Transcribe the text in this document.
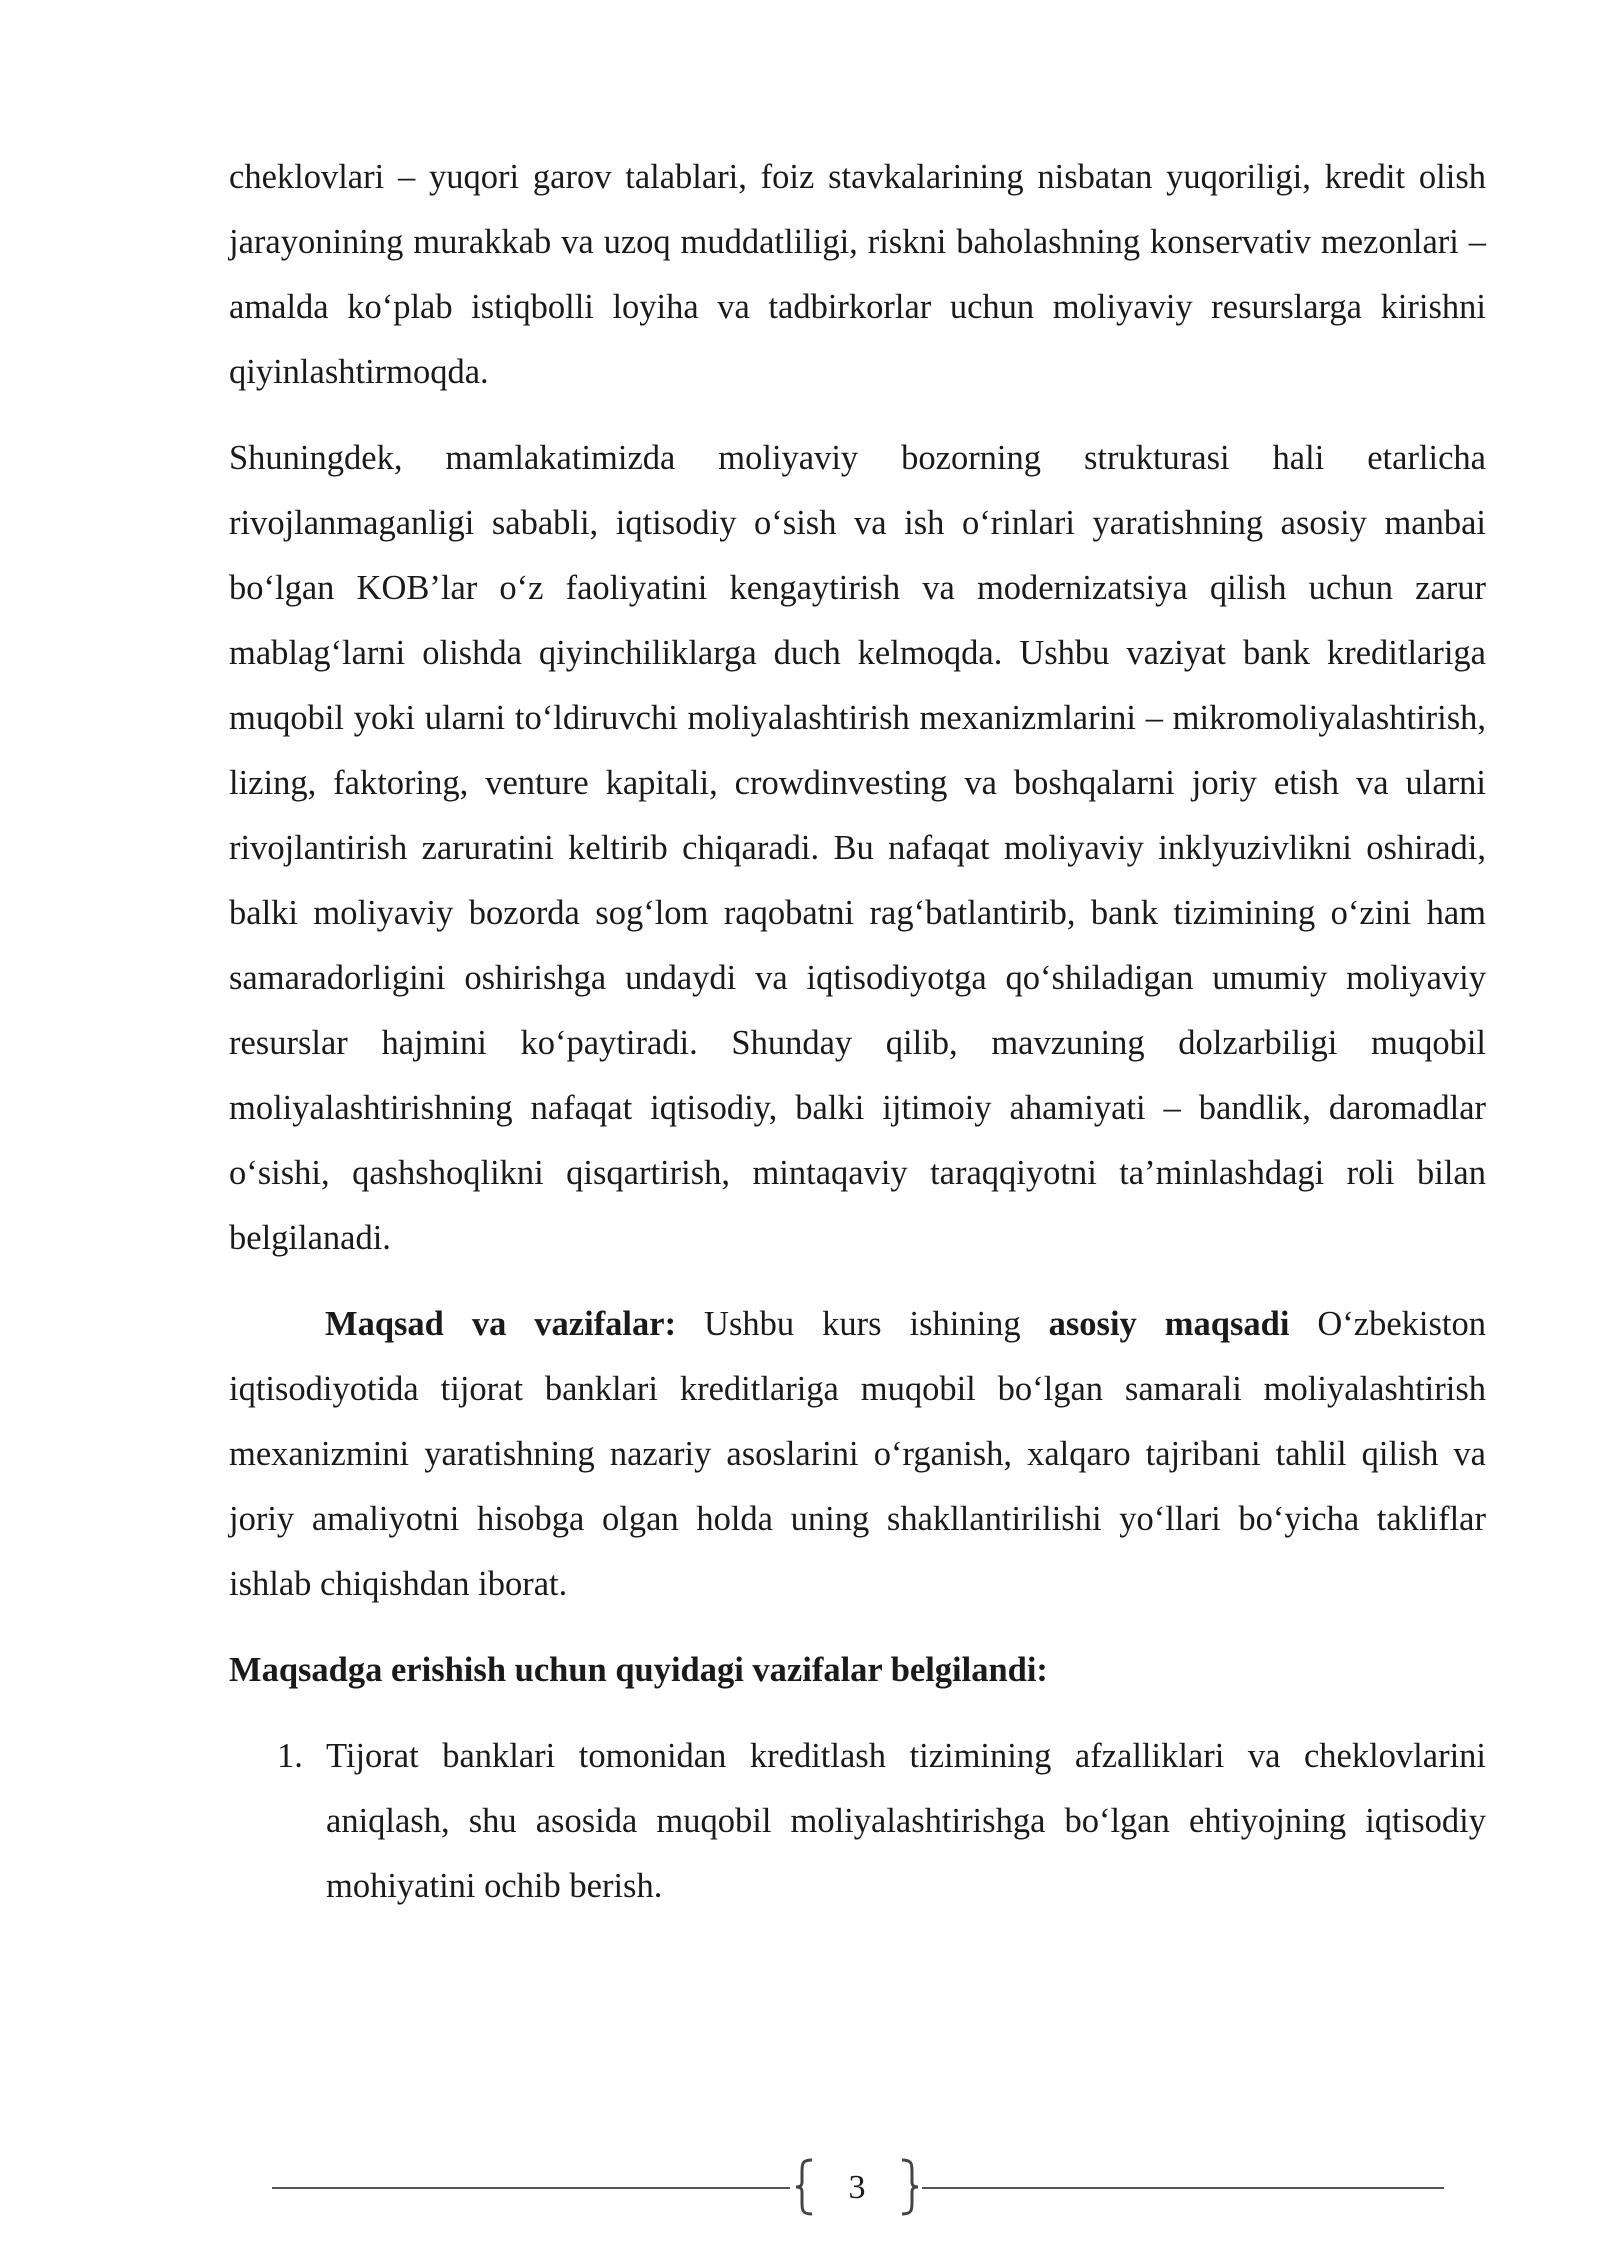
cheklovlari – yuqori garov talablari, foiz stavkalarining nisbatan yuqoriligi, kredit olish jarayonining murakkab va uzoq muddatliligi, riskni baholashning konservativ mezonlari – amalda ko‘plab istiqbolli loyiha va tadbirkorlar uchun moliyaviy resurslarga kirishni qiyinlashtirmoqda.

Shuningdek, mamlakatimizda moliyaviy bozorning strukturasi hali etarlicha rivojlanmaganligi sababli, iqtisodiy o‘sish va ish o‘rinlari yaratishning asosiy manbai bo‘lgan KOB’lar o‘z faoliyatini kengaytirish va modernizatsiya qilish uchun zarur mablag‘larni olishda qiyinchiliklarga duch kelmoqda. Ushbu vaziyat bank kreditlariga muqobil yoki ularni to‘ldiruvchi moliyalashtirish mexanizmlarini – mikromoliyalashtirish, lizing, faktoring, venture kapitali, crowdinvesting va boshqalarni joriy etish va ularni rivojlantirish zaruratini keltirib chiqaradi. Bu nafaqat moliyaviy inklyuzivlikni oshiradi, balki moliyaviy bozorda sog‘lom raqobatni rag‘batlantirib, bank tizimining o‘zini ham samaradorligini oshirishga undaydi va iqtisodiyotga qo‘shiladigan umumiy moliyaviy resurslar hajmini ko‘paytiradi. Shunday qilib, mavzuning dolzarbiligi muqobil moliyalashtirishning nafaqat iqtisodiy, balki ijtimoiy ahamiyati – bandlik, daromadlar o‘sishi, qashshoqlikni qisqartirish, mintaqaviy taraqqiyotni ta’minlashdagi roli bilan belgilanadi.

Maqsad va vazifalar: Ushbu kurs ishining asosiy maqsadi O‘zbekiston iqtisodiyotida tijorat banklari kreditlariga muqobil bo‘lgan samarali moliyalashtirish mexanizmini yaratishning nazariy asoslarini o‘rganish, xalqaro tajribani tahlil qilish va joriy amaliyotni hisobga olgan holda uning shakllantirilishi yo‘llari bo‘yicha takliflar ishlab chiqishdan iborat.

Maqsadga erishish uchun quyidagi vazifalar belgilandi:

1. Tijorat banklari tomonidan kreditlash tizimining afzalliklari va cheklovlarini aniqlash, shu asosida muqobil moliyalashtirishga bo‘lgan ehtiyojning iqtisodiy mohiyatini ochib berish.
3
